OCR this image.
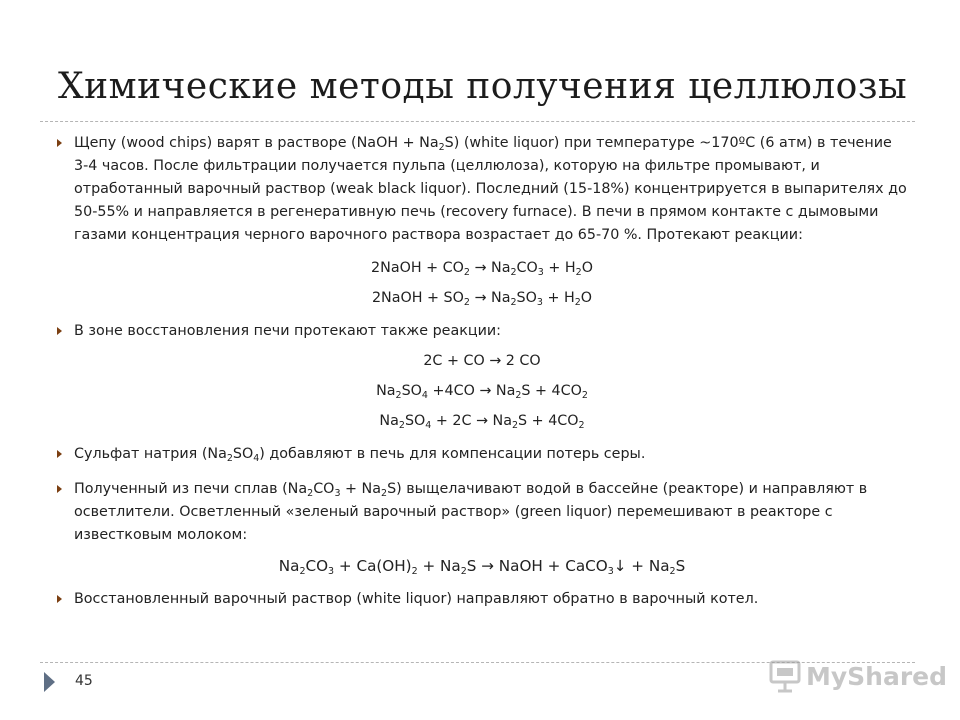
Химические методы получения целлюлозы

Щепу (wood chips) варят в растворе (NaOH + $Na_2S$) (white liquor) при температуре ~170ºС (6 атм) в течение 3-4 часов. После фильтрации получается пульпа (целлюлоза), которую на фильтре промывают, и отработанный варочный раствор (weak black liquor). Последний (15-18%) концентрируется в выпарителях до 50-55% и направляется в регенеративную печь (recovery furnace). В печи в прямом контакте с дымовыми газами концентрация черного варочного раствора возрастает до 65-70 %. Протекают реакции:

2NaOH + $CO_2 \to Na_2CO_3 + H_2O$

2NaOH + $SO_2 \to Na_2SO_3 + H_2O$

В зоне восстановления печи протекают также реакции:

2C + CO → 2 CO

$Na_2SO_4 +4CO \to Na_2S + 4CO_2$

$Na_2SO_4 + 2C \to Na_2S + 4CO_2$

Сульфат натрия $(Na_2SO_4)$ добавляют в печь для компенсации потерь серы.

Полученный из печи сплав $(Na_2CO_3 + Na_2S)$ выщелачивают водой в бассейне (реакторе) и направляют в осветлители. Осветленный «зеленый варочный раствор» (green liquor) перемешивают в реакторе с известковым молоком:

$Na_2CO_3 + Ca(OH)_2 + Na_2S$ → NaOH + CaCO$_3$↓ + $Na_2S$

Восстановленный варочный раствор (white liquor) направляют обратно в варочный котел.

45	MyShared
